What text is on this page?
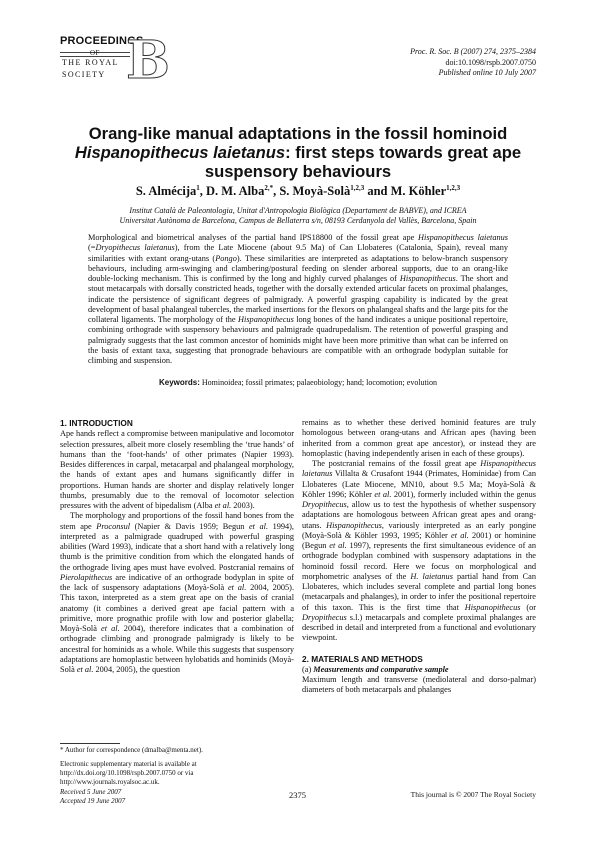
PROCEEDINGS
OF
THE ROYAL
SOCIETY B	Proc. R. Soc. B (2007) 274, 2375–2384
doi:10.1098/rspb.2007.0750
Published online 10 July 2007
Orang-like manual adaptations in the fossil hominoid Hispanopithecus laietanus: first steps towards great ape suspensory behaviours
S. Almécija$^1$, D. M. Alba$^{2,*}$, S. Moyà-Solà$^{1,2,3}$ and M. Köhler$^{1,2,3}$
Institut Català de Paleontologia, Unitat d'Antropologia Biològica (Departament de BABVE), and ICREA
Universitat Autònoma de Barcelona, Campus de Bellaterra s/n, 08193 Cerdanyola del Vallès, Barcelona, Spain
Morphological and biometrical analyses of the partial hand IPS18800 of the fossil great ape Hispanopithecus laietanus (=Dryopithecus laietanus), from the Late Miocene (about 9.5 Ma) of Can Llobateres (Catalonia, Spain), reveal many similarities with extant orang-utans (Pongo). These similarities are interpreted as adaptations to below-branch suspensory behaviours, including arm-swinging and clambering/postural feeding on slender arboreal supports, due to an orang-like double-locking mechanism. This is confirmed by the long and highly curved phalanges of Hispanopithecus. The short and stout metacarpals with dorsally constricted heads, together with the dorsally extended articular facets on proximal phalanges, indicate the persistence of significant degrees of palmigrady. A powerful grasping capability is indicated by the great development of basal phalangeal tubercles, the marked insertions for the flexors on phalangeal shafts and the large pits for the collateral ligaments. The morphology of the Hispanopithecus long bones of the hand indicates a unique positional repertoire, combining orthograde with suspensory behaviours and palmigrade quadrupedalism. The retention of powerful grasping and palmigrady suggests that the last common ancestor of hominids might have been more primitive than what can be inferred on the basis of extant taxa, suggesting that pronograde behaviours are compatible with an orthograde bodyplan suitable for climbing and suspension.
Keywords: Hominoidea; fossil primates; palaeobiology; hand; locomotion; evolution
1. INTRODUCTION

Ape hands reflect a compromise between manipulative and locomotor selection pressures, albeit more closely resembling the ‘true hands’ of humans than the ‘foot-hands’ of other primates (Napier 1993). Besides differences in carpal, metacarpal and phalangeal morphology, the hands of extant apes and humans significantly differ in proportions. Human hands are shorter and display relatively longer thumbs, presumably due to the removal of locomotor selection pressures with the advent of bipedalism (Alba et al. 2003).

The morphology and proportions of the fossil hand bones from the stem ape Proconsul (Napier & Davis 1959; Begun et al. 1994), interpreted as a palmigrade quadruped with powerful grasping abilities (Ward 1993), indicate that a short hand with a relatively long thumb is the primitive condition from which the elongated hands of the orthograde living apes must have evolved. Postcranial remains of Pierolapithecus are indicative of an orthograde bodyplan in spite of the lack of suspensory adaptations (Moyà-Solà et al. 2004, 2005). This taxon, interpreted as a stem great ape on the basis of cranial anatomy (it combines a derived great ape facial pattern with a primitive, more prognathic profile with low and posterior glabella; Moyà-Solà et al. 2004), therefore indicates that a combination of orthograde climbing and pronograde palmigrady is likely to be ancestral for hominids as a whole. While this suggests that suspensory adaptations are homoplastic between hylobatids and hominids (Moyà-Solà et al. 2004, 2005), the question

remains as to whether these derived hominid features are truly homologous between orang-utans and African apes (having been inherited from a common great ape ancestor), or instead they are homoplastic (having independently arisen in each of these groups).

The postcranial remains of the fossil great ape Hispanopithecus laietanus Villalta & Crusafont 1944 (Primates, Hominidae) from Can Llobateres (Late Miocene, MN10, about 9.5 Ma; Moyà-Solà & Köhler 1996; Köhler et al. 2001), formerly included within the genus Dryopithecus, allow us to test the hypothesis of whether suspensory adaptations are homologous between African great apes and orang-utans. Hispanopithecus, variously interpreted as an early pongine (Moyà-Solà & Köhler 1993, 1995; Köhler et al. 2001) or hominine (Begun et al. 1997), represents the first simultaneous evidence of an orthograde bodyplan combined with suspensory adaptations in the hominoid fossil record. Here we focus on morphological and morphometric analyses of the H. laietanus partial hand from Can Llobateres, which includes several complete and partial long bones (metacarpals and phalanges), in order to infer the positional repertoire of this taxon. This is the first time that Hispanopithecus (or Dryopithecus s.l.) metacarpals and complete proximal phalanges are described in detail and interpreted from a functional and evolutionary viewpoint.

2. MATERIALS AND METHODS

(a) Measurements and comparative sample

Maximum length and transverse (mediolateral and dorso-palmar) diameters of both metacarpals and phalanges

* Author for correspondence (dmalba@menta.net).
Electronic supplementary material is available at http://dx.doi.org/10.1098/rspb.2007.0750 or via http://www.journals.royalsoc.ac.uk.
Received 5 June 2007
Accepted 19 June 2007
2375	This journal is © 2007 The Royal Society
